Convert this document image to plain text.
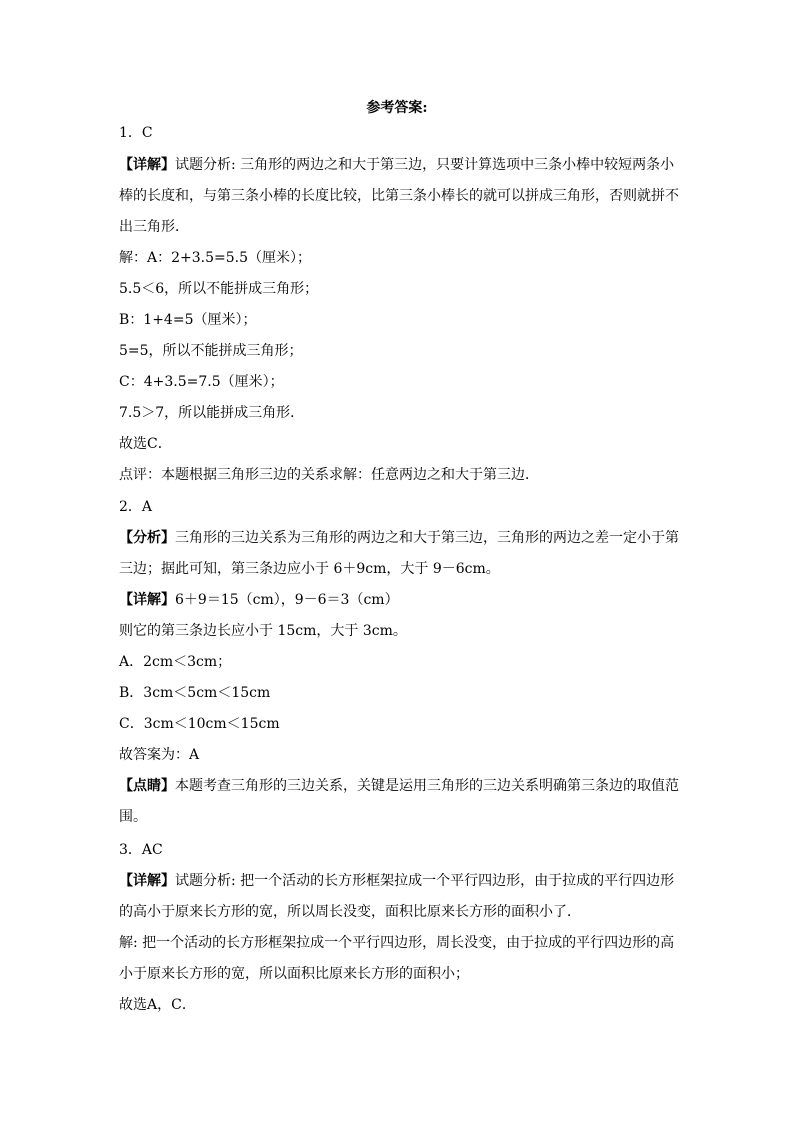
参考答案:
1．C
【详解】试题分析: 三角形的两边之和大于第三边，只要计算选项中三条小棒中较短两条小
棒的长度和，与第三条小棒的长度比较，比第三条小棒长的就可以拼成三角形，否则就拼不
出三角形．
解：A：2+3.5=5.5（厘米）；
5.5＜6，所以不能拼成三角形；
B：1+4=5（厘米）；
5=5，所以不能拼成三角形；
C：4+3.5=7.5（厘米）；
7.5＞7，所以能拼成三角形．
故选C．
点评：本题根据三角形三边的关系求解：任意两边之和大于第三边．
2．A
【分析】三角形的三边关系为三角形的两边之和大于第三边，三角形的两边之差一定小于第
三边；据此可知，第三条边应小于 6＋9cm，大于 9－6cm。
【详解】6＋9＝15（cm），9－6＝3（cm）
则它的第三条边长应小于 15cm，大于 3cm。
A．2cm＜3cm；
B．3cm＜5cm＜15cm
C．3cm＜10cm＜15cm
故答案为：A
【点睛】本题考查三角形的三边关系，关键是运用三角形的三边关系明确第三条边的取值范
围。
3．AC
【详解】试题分析: 把一个活动的长方形框架拉成一个平行四边形，由于拉成的平行四边形
的高小于原来长方形的宽，所以周长没变，面积比原来长方形的面积小了．
解: 把一个活动的长方形框架拉成一个平行四边形，周长没变，由于拉成的平行四边形的高
小于原来长方形的宽，所以面积比原来长方形的面积小；
故选A，C．
